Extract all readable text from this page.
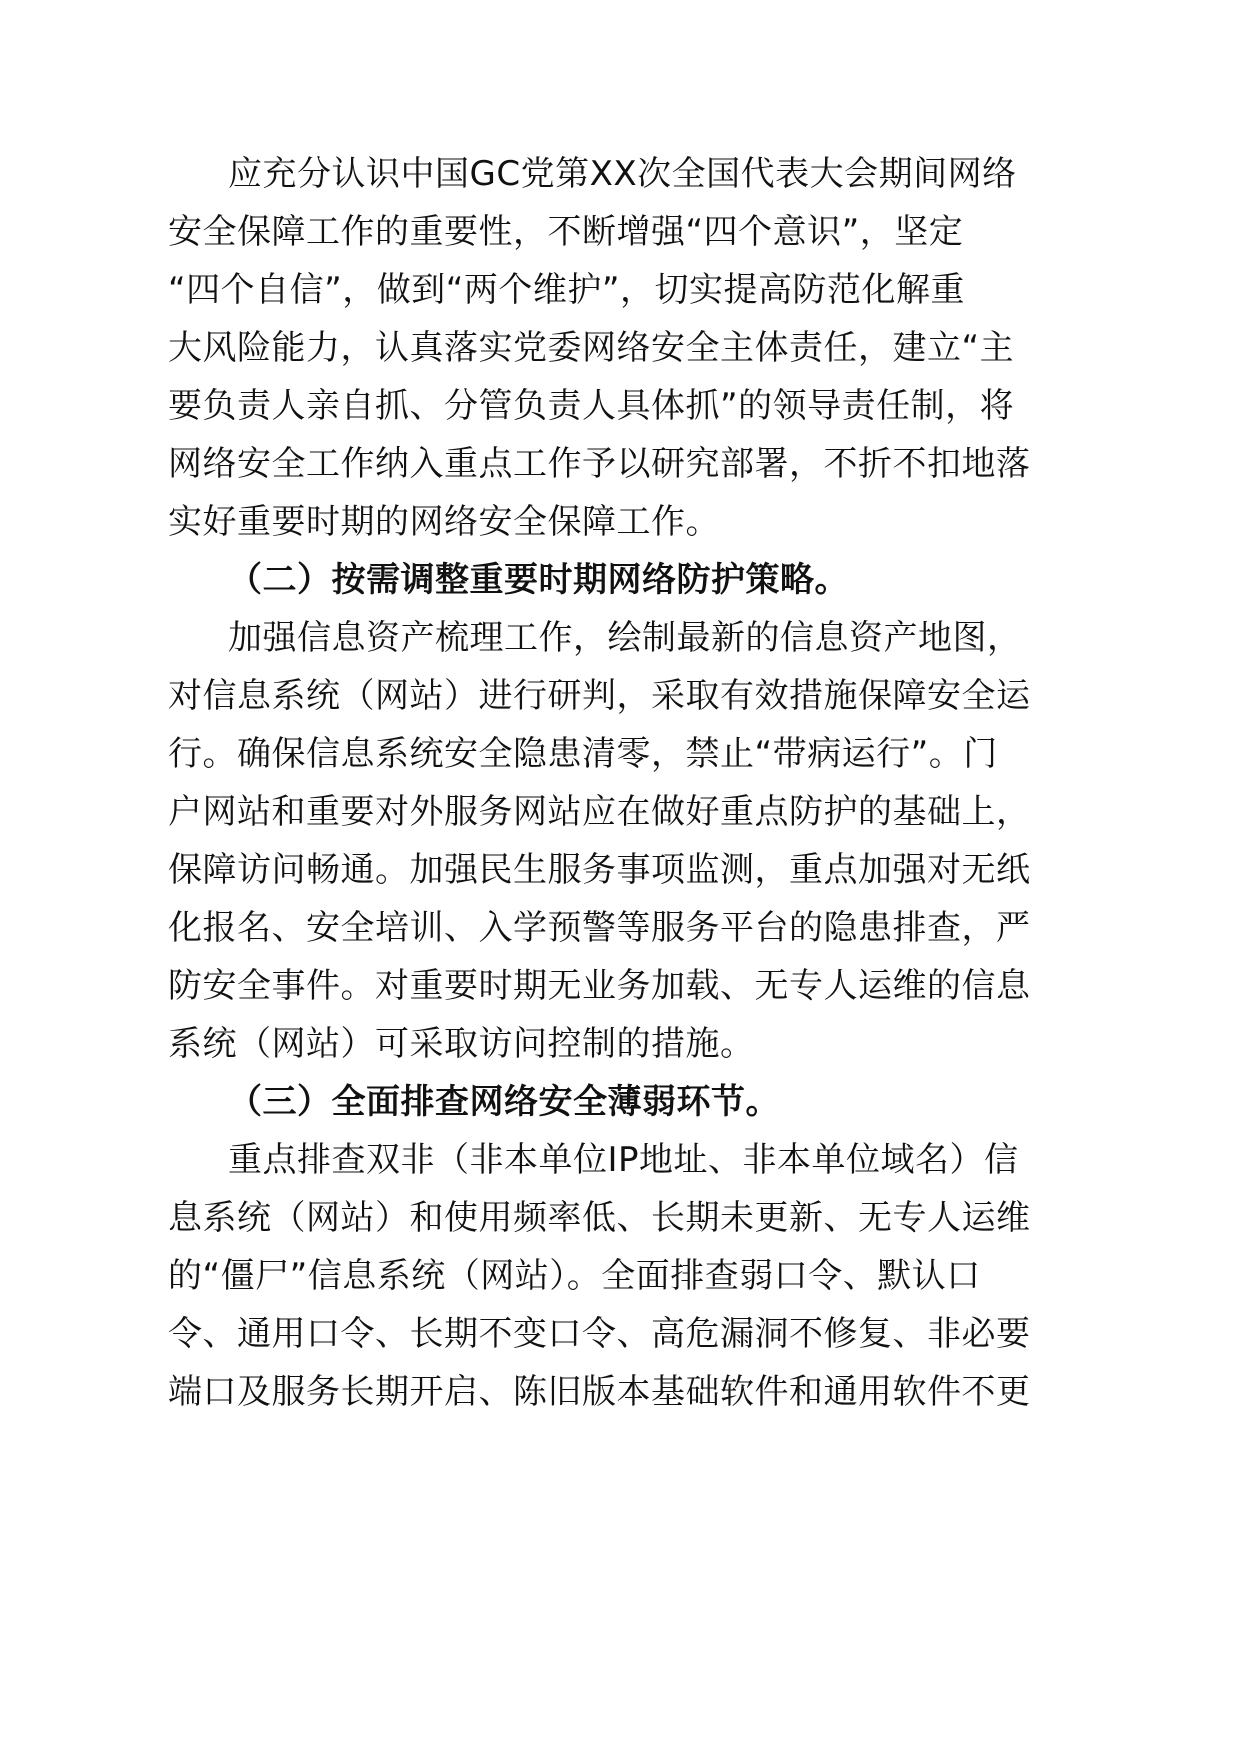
应充分认识中国GC党第XX次全国代表大会期间网络
安全保障工作的重要性，不断增强“四个意识”，坚定
“四个自信”，做到“两个维护”，切实提高防范化解重
大风险能力，认真落实党委网络安全主体责任，建立“主
要负责人亲自抓、分管负责人具体抓”的领导责任制，将
网络安全工作纳入重点工作予以研究部署，不折不扣地落
实好重要时期的网络安全保障工作。
（二）按需调整重要时期网络防护策略。
加强信息资产梳理工作，绘制最新的信息资产地图，
对信息系统（网站）进行研判，采取有效措施保障安全运
行。确保信息系统安全隐患清零，禁止“带病运行”。门
户网站和重要对外服务网站应在做好重点防护的基础上，
保障访问畅通。加强民生服务事项监测，重点加强对无纸
化报名、安全培训、入学预警等服务平台的隐患排查，严
防安全事件。对重要时期无业务加载、无专人运维的信息
系统（网站）可采取访问控制的措施。
（三）全面排查网络安全薄弱环节。
重点排查双非（非本单位IP地址、非本单位域名）信
息系统（网站）和使用频率低、长期未更新、无专人运维
的“僵尸”信息系统（网站）。全面排查弱口令、默认口
令、通用口令、长期不变口令、高危漏洞不修复、非必要
端口及服务长期开启、陈旧版本基础软件和通用软件不更
